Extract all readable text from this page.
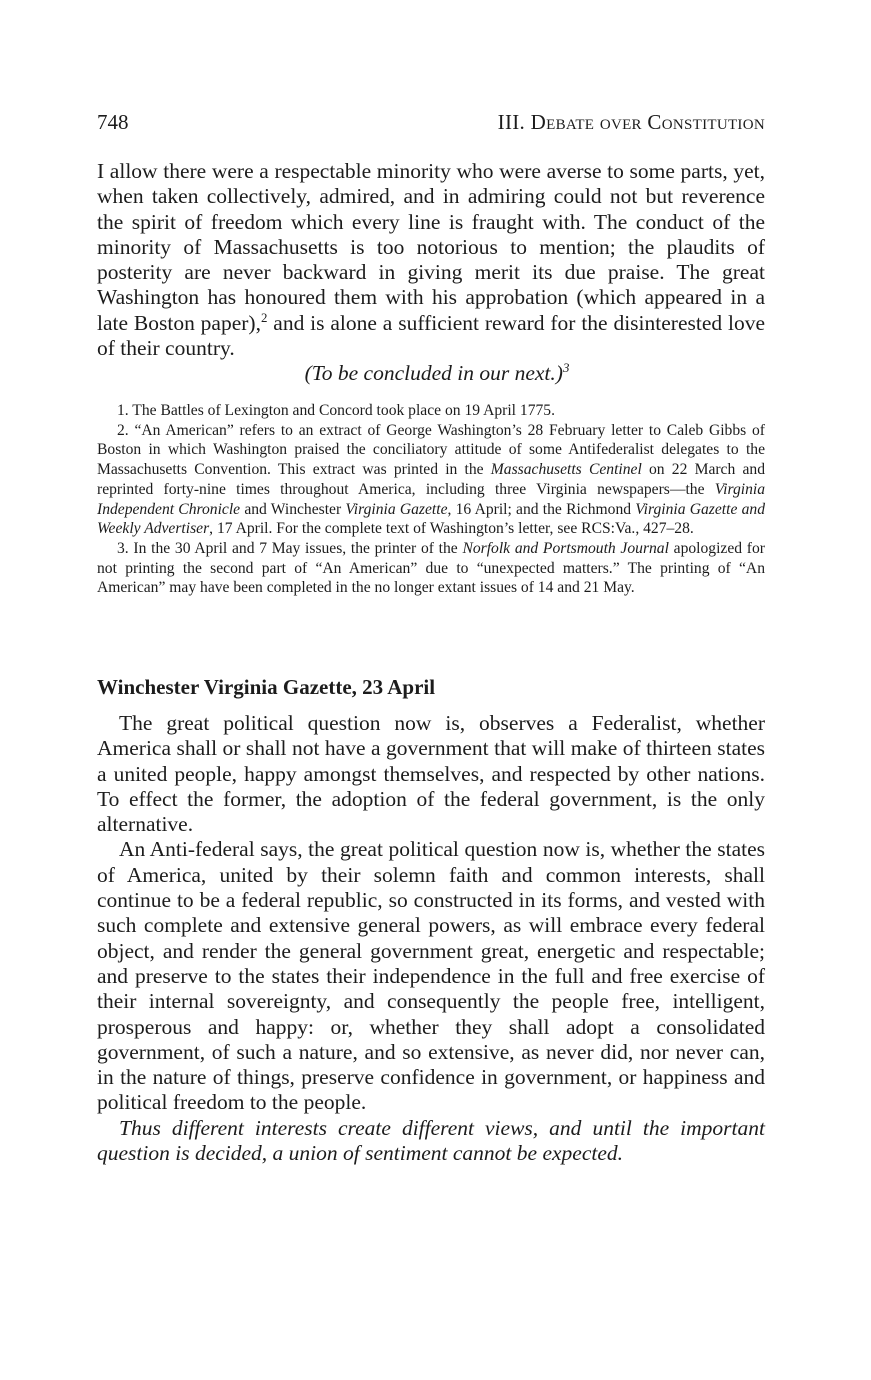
748	III. Debate over Constitution

I allow there were a respectable minority who were averse to some parts, yet, when taken collectively, admired, and in admiring could not but reverence the spirit of freedom which every line is fraught with. The conduct of the minority of Massachusetts is too notorious to mention; the plaudits of posterity are never backward in giving merit its due praise. The great Washington has honoured them with his approbation (which appeared in a late Boston paper),$^2$ and is alone a sufficient reward for the disinterested love of their country.

(To be concluded in our next.)$^3$

1. The Battles of Lexington and Concord took place on 19 April 1775.

2. “An American” refers to an extract of George Washington’s 28 February letter to Caleb Gibbs of Boston in which Washington praised the conciliatory attitude of some Antifederalist delegates to the Massachusetts Convention. This extract was printed in the Massachusetts Centinel on 22 March and reprinted forty-nine times throughout America, including three Virginia newspapers—the Virginia Independent Chronicle and Winchester Virginia Gazette, 16 April; and the Richmond Virginia Gazette and Weekly Advertiser, 17 April. For the complete text of Washington’s letter, see RCS:Va., 427–28.

3. In the 30 April and 7 May issues, the printer of the Norfolk and Portsmouth Journal apologized for not printing the second part of “An American” due to “unexpected matters.” The printing of “An American” may have been completed in the no longer extant issues of 14 and 21 May.

Winchester Virginia Gazette, 23 April

The great political question now is, observes a Federalist, whether America shall or shall not have a government that will make of thirteen states a united people, happy amongst themselves, and respected by other nations. To effect the former, the adoption of the federal government, is the only alternative.

An Anti-federal says, the great political question now is, whether the states of America, united by their solemn faith and common interests, shall continue to be a federal republic, so constructed in its forms, and vested with such complete and extensive general powers, as will embrace every federal object, and render the general government great, energetic and respectable; and preserve to the states their independence in the full and free exercise of their internal sovereignty, and consequently the people free, intelligent, prosperous and happy: or, whether they shall adopt a consolidated government, of such a nature, and so extensive, as never did, nor never can, in the nature of things, preserve confidence in government, or happiness and political freedom to the people.

Thus different interests create different views, and until the important question is decided, a union of sentiment cannot be expected.
